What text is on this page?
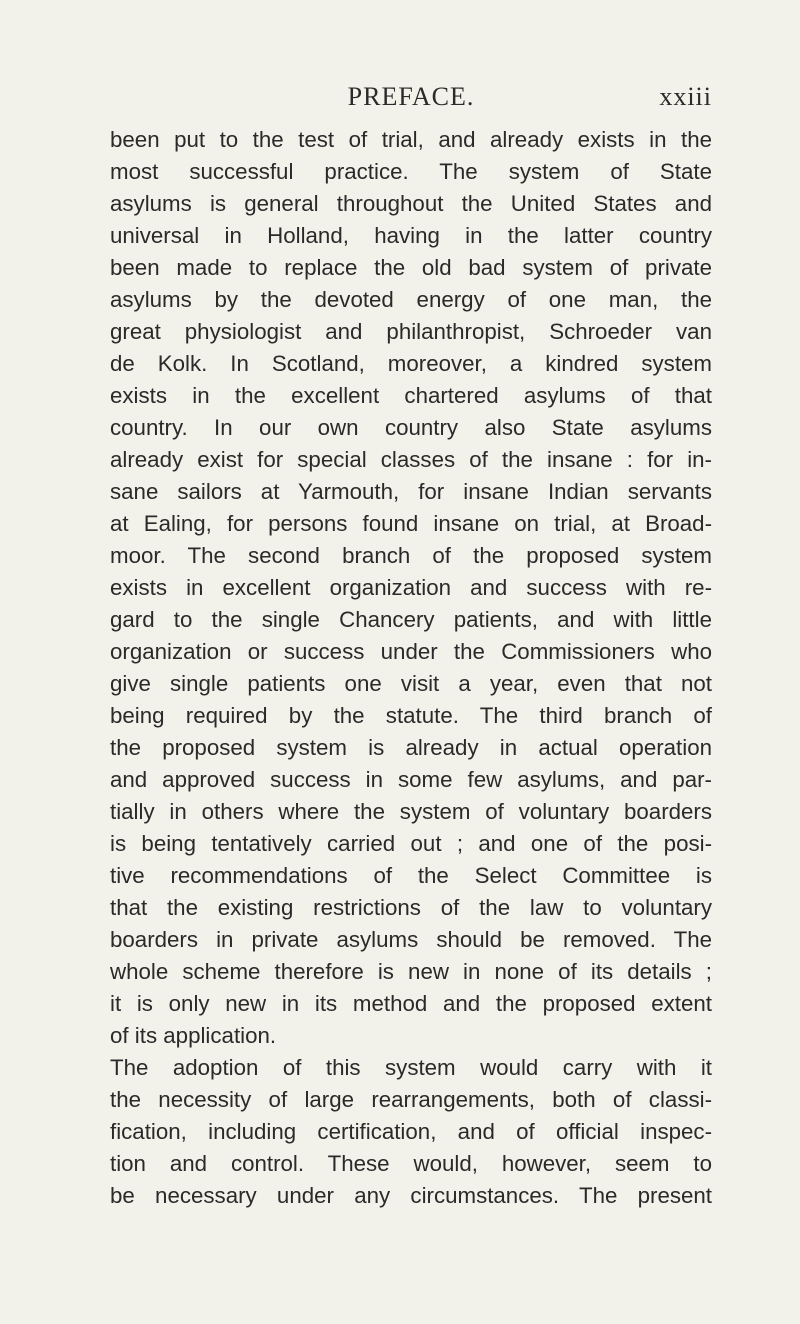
PREFACE.	xxiii
been put to the test of trial, and already exists in the
most successful practice. The system of State
asylums is general throughout the United States and
universal in Holland, having in the latter country
been made to replace the old bad system of private
asylums by the devoted energy of one man, the
great physiologist and philanthropist, Schroeder van
de Kolk. In Scotland, moreover, a kindred system
exists in the excellent chartered asylums of that
country. In our own country also State asylums
already exist for special classes of the insane : for in-
sane sailors at Yarmouth, for insane Indian servants
at Ealing, for persons found insane on trial, at Broad-
moor. The second branch of the proposed system
exists in excellent organization and success with re-
gard to the single Chancery patients, and with little
organization or success under the Commissioners who
give single patients one visit a year, even that not
being required by the statute. The third branch of
the proposed system is already in actual operation
and approved success in some few asylums, and par-
tially in others where the system of voluntary boarders
is being tentatively carried out ; and one of the posi-
tive recommendations of the Select Committee is
that the existing restrictions of the law to voluntary
boarders in private asylums should be removed. The
whole scheme therefore is new in none of its details ;
it is only new in its method and the proposed extent
of its application.
The adoption of this system would carry with it
the necessity of large rearrangements, both of classi-
fication, including certification, and of official inspec-
tion and control. These would, however, seem to
be necessary under any circumstances. The present
